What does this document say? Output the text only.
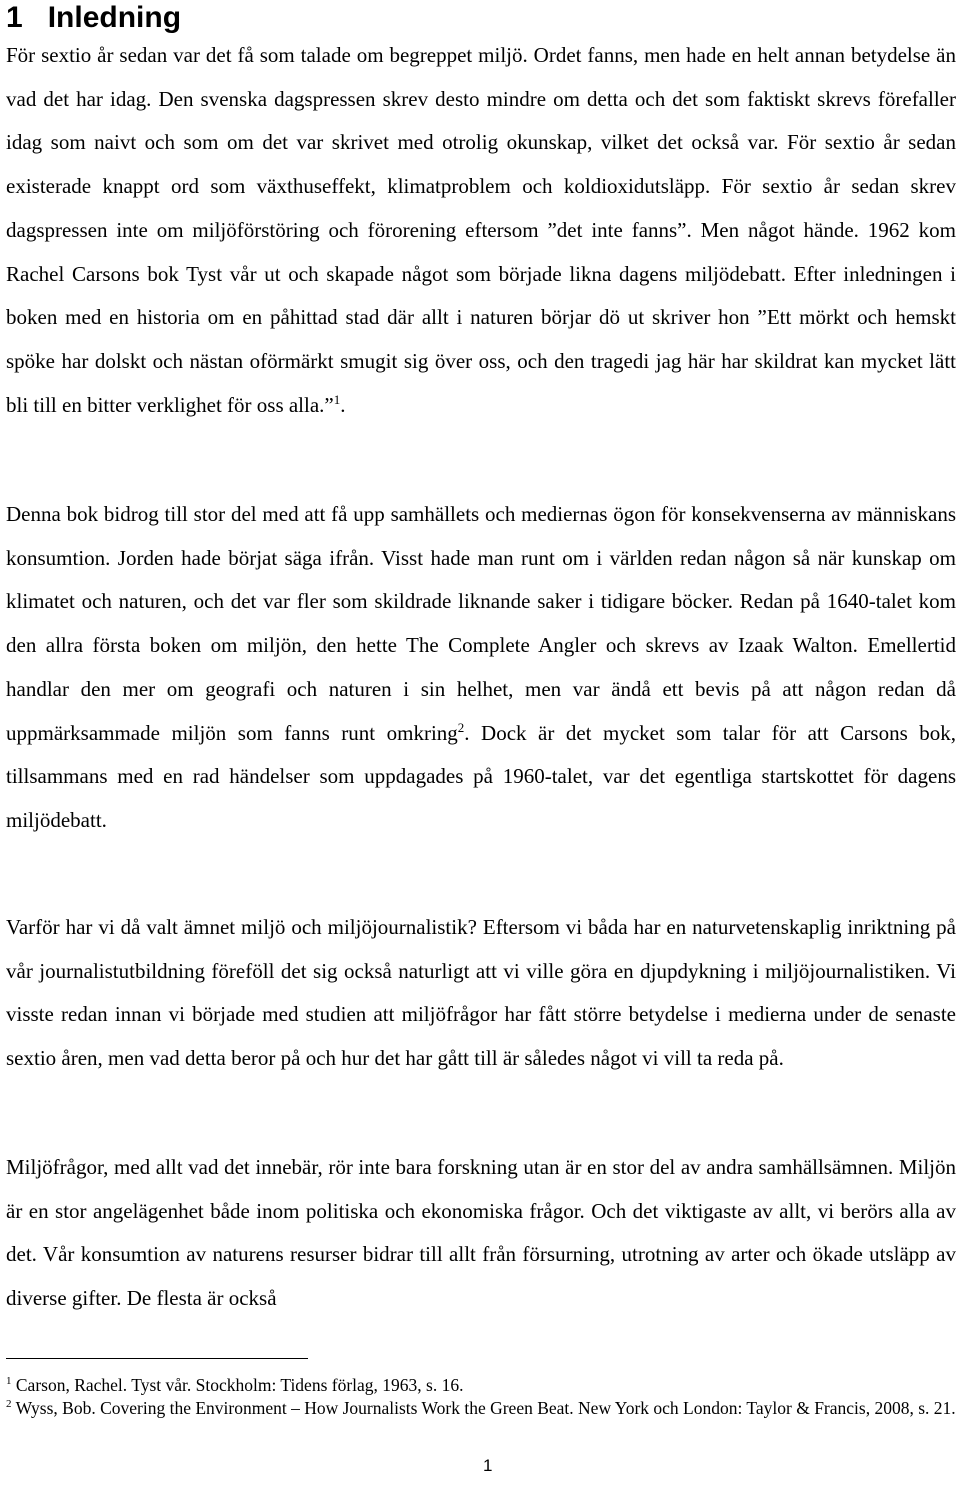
1 Inledning

För sextio år sedan var det få som talade om begreppet miljö. Ordet fanns, men hade en helt annan betydelse än vad det har idag. Den svenska dagspressen skrev desto mindre om detta och det som faktiskt skrevs förefaller idag som naivt och som om det var skrivet med otrolig okunskap, vilket det också var. För sextio år sedan existerade knappt ord som växthuseffekt, klimatproblem och koldioxidutsläpp. För sextio år sedan skrev dagspressen inte om miljöförstöring och förorening eftersom ”det inte fanns”. Men något hände. 1962 kom Rachel Carsons bok Tyst vår ut och skapade något som började likna dagens miljödebatt. Efter inledningen i boken med en historia om en påhittad stad där allt i naturen börjar dö ut skriver hon ”Ett mörkt och hemskt spöke har dolskt och nästan oförmärkt smugit sig över oss, och den tragedi jag här har skildrat kan mycket lätt bli till en bitter verklighet för oss alla.”$^1$.

Denna bok bidrog till stor del med att få upp samhällets och mediernas ögon för konsekvenserna av människans konsumtion. Jorden hade börjat säga ifrån. Visst hade man runt om i världen redan någon så när kunskap om klimatet och naturen, och det var fler som skildrade liknande saker i tidigare böcker. Redan på 1640-talet kom den allra första boken om miljön, den hette The Complete Angler och skrevs av Izaak Walton. Emellertid handlar den mer om geografi och naturen i sin helhet, men var ändå ett bevis på att någon redan då uppmärksammade miljön som fanns runt omkring$^2$. Dock är det mycket som talar för att Carsons bok, tillsammans med en rad händelser som uppdagades på 1960-talet, var det egentliga startskottet för dagens miljödebatt.

Varför har vi då valt ämnet miljö och miljöjournalistik? Eftersom vi båda har en naturvetenskaplig inriktning på vår journalistutbildning föreföll det sig också naturligt att vi ville göra en djupdykning i miljöjournalistiken. Vi visste redan innan vi började med studien att miljöfrågor har fått större betydelse i medierna under de senaste sextio åren, men vad detta beror på och hur det har gått till är således något vi vill ta reda på.

Miljöfrågor, med allt vad det innebär, rör inte bara forskning utan är en stor del av andra samhällsämnen. Miljön är en stor angelägenhet både inom politiska och ekonomiska frågor. Och det viktigaste av allt, vi berörs alla av det. Vår konsumtion av naturens resurser bidrar till allt från försurning, utrotning av arter och ökade utsläpp av diverse gifter. De flesta är också

$^1$ Carson, Rachel. Tyst vår. Stockholm: Tidens förlag, 1963, s. 16.

$^2$ Wyss, Bob. Covering the Environment – How Journalists Work the Green Beat. New York och London: Taylor & Francis, 2008, s. 21.

1
